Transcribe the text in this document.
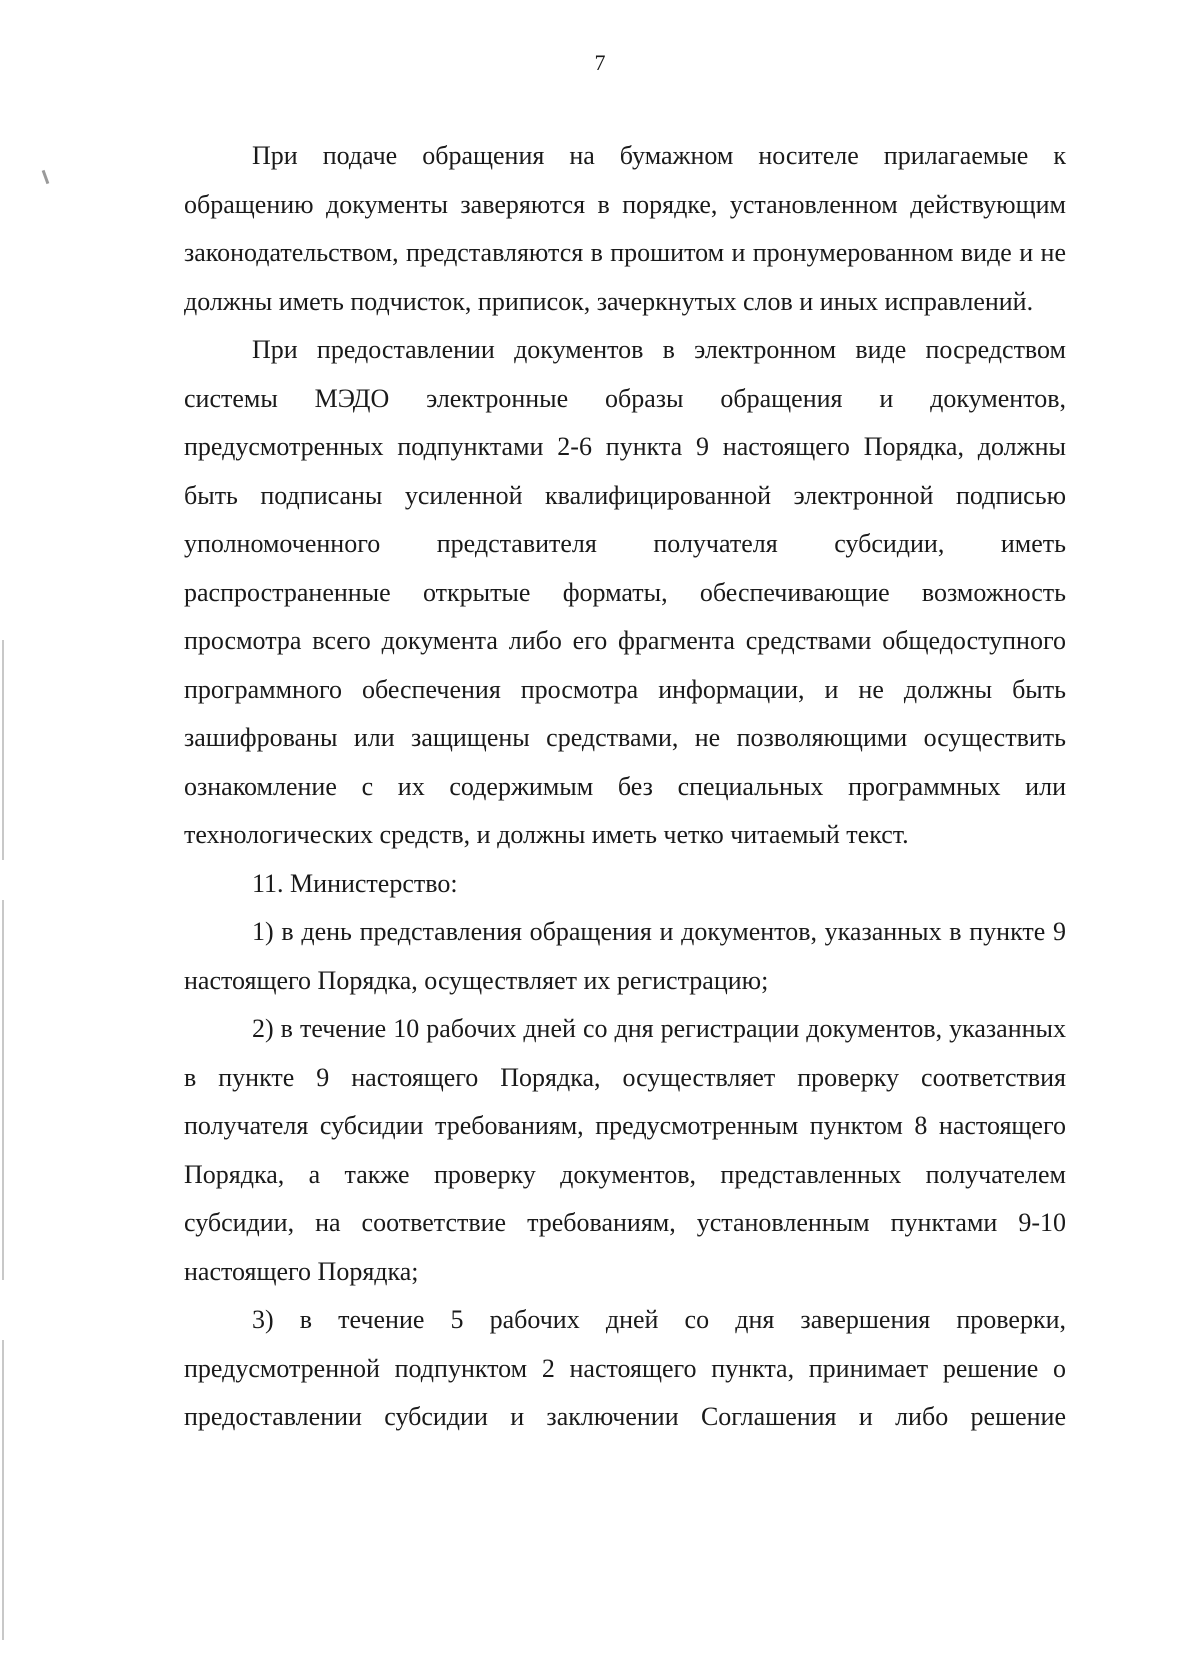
7

При подаче обращения на бумажном носителе прилагаемые к обращению документы заверяются в порядке, установленном действующим законодательством, представляются в прошитом и пронумерованном виде и не должны иметь подчисток, приписок, зачеркнутых слов и иных исправлений.

При предоставлении документов в электронном виде посредством системы МЭДО электронные образы обращения и документов, предусмотренных подпунктами 2-6 пункта 9 настоящего Порядка, должны быть подписаны усиленной квалифицированной электронной подписью уполномоченного представителя получателя субсидии, иметь распространенные открытые форматы, обеспечивающие возможность просмотра всего документа либо его фрагмента средствами общедоступного программного обеспечения просмотра информации, и не должны быть зашифрованы или защищены средствами, не позволяющими осуществить ознакомление с их содержимым без специальных программных или технологических средств, и должны иметь четко читаемый текст.

11. Министерство:

1) в день представления обращения и документов, указанных в пункте 9 настоящего Порядка, осуществляет их регистрацию;

2) в течение 10 рабочих дней со дня регистрации документов, указанных в пункте 9 настоящего Порядка, осуществляет проверку соответствия получателя субсидии требованиям, предусмотренным пунктом 8 настоящего Порядка, а также проверку документов, представленных получателем субсидии, на соответствие требованиям, установленным пунктами 9-10 настоящего Порядка;

3) в течение 5 рабочих дней со дня завершения проверки, предусмотренной подпунктом 2 настоящего пункта, принимает решение о предоставлении субсидии и заключении Соглашения и либо решение
